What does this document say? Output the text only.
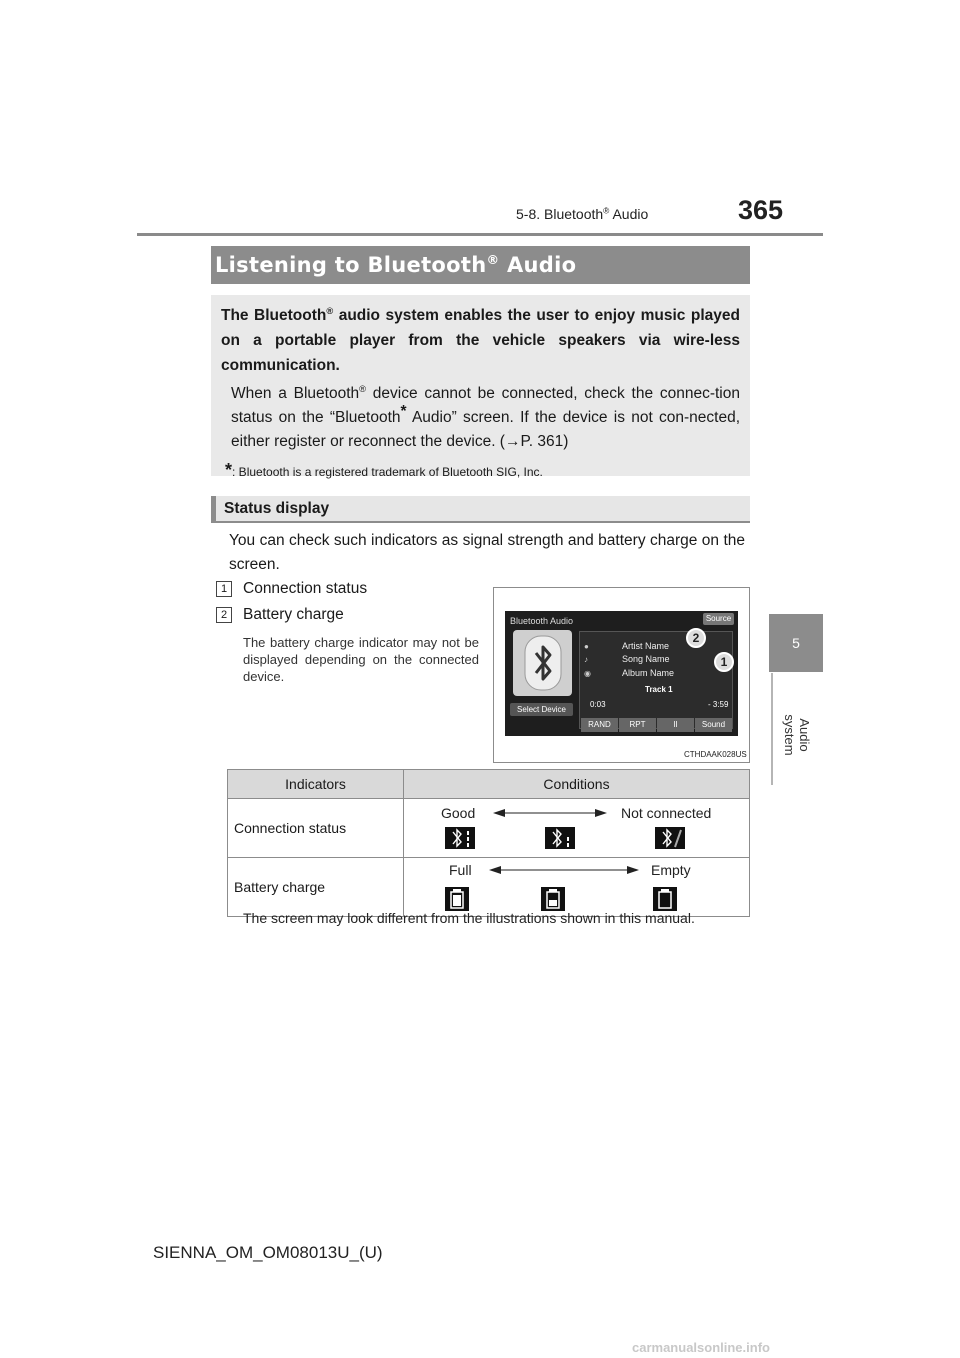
5-8. Bluetooth® Audio	365
5
Audio system
Listening to Bluetooth® Audio

The Bluetooth® audio system enables the user to enjoy music played on a portable player from the vehicle speakers via wire-less communication.

When a Bluetooth® device cannot be connected, check the connec-tion status on the “Bluetooth* Audio” screen. If the device is not con-nected, either register or reconnect the device. (→P. 361)

*: Bluetooth is a registered trademark of Bluetooth SIG, Inc.
Status display
You can check such indicators as signal strength and battery charge on the screen.
1	Connection status
2	Battery charge
The battery charge indicator may not be displayed depending on the connected device.
Bluetooth Audio	Source
●	Artist Name
♪	Song Name
◉	Album Name
Track 1
0:03	- 3:59
Select Device
RAND	RPT	II	Sound
2
1
CTHDAAK028US
Indicators	Conditions
Connection status	Good Not connected

Battery charge	Full Empty
The screen may look different from the illustrations shown in this manual.
SIENNA_OM_OM08013U_(U)
carmanualsonline.info
